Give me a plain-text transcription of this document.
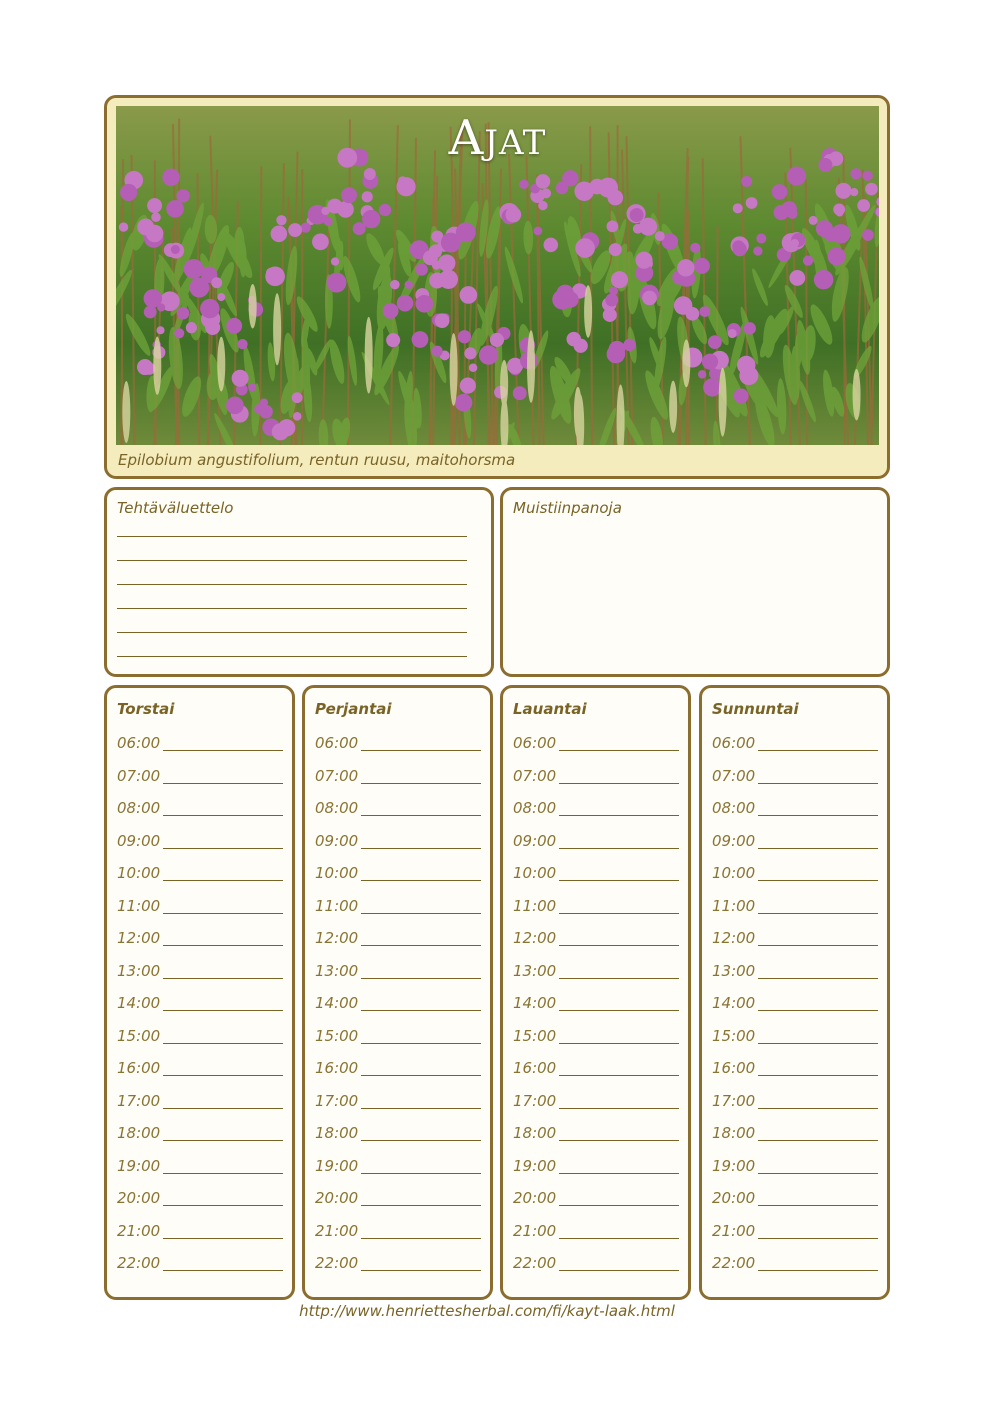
Ajat
Epilobium angustifolium, rentun ruusu, maitohorsma
Tehtäväluettelo	Muistiinpanoja
Torstai
06:00
07:00
08:00
09:00
10:00
11:00
12:00
13:00
14:00
15:00
16:00
17:00
18:00
19:00
20:00
21:00
22:00
Perjantai
06:00
07:00
08:00
09:00
10:00
11:00
12:00
13:00
14:00
15:00
16:00
17:00
18:00
19:00
20:00
21:00
22:00
Lauantai
06:00
07:00
08:00
09:00
10:00
11:00
12:00
13:00
14:00
15:00
16:00
17:00
18:00
19:00
20:00
21:00
22:00
Sunnuntai
06:00
07:00
08:00
09:00
10:00
11:00
12:00
13:00
14:00
15:00
16:00
17:00
18:00
19:00
20:00
21:00
22:00
http://www.henriettesherbal.com/fi/kayt-laak.html
